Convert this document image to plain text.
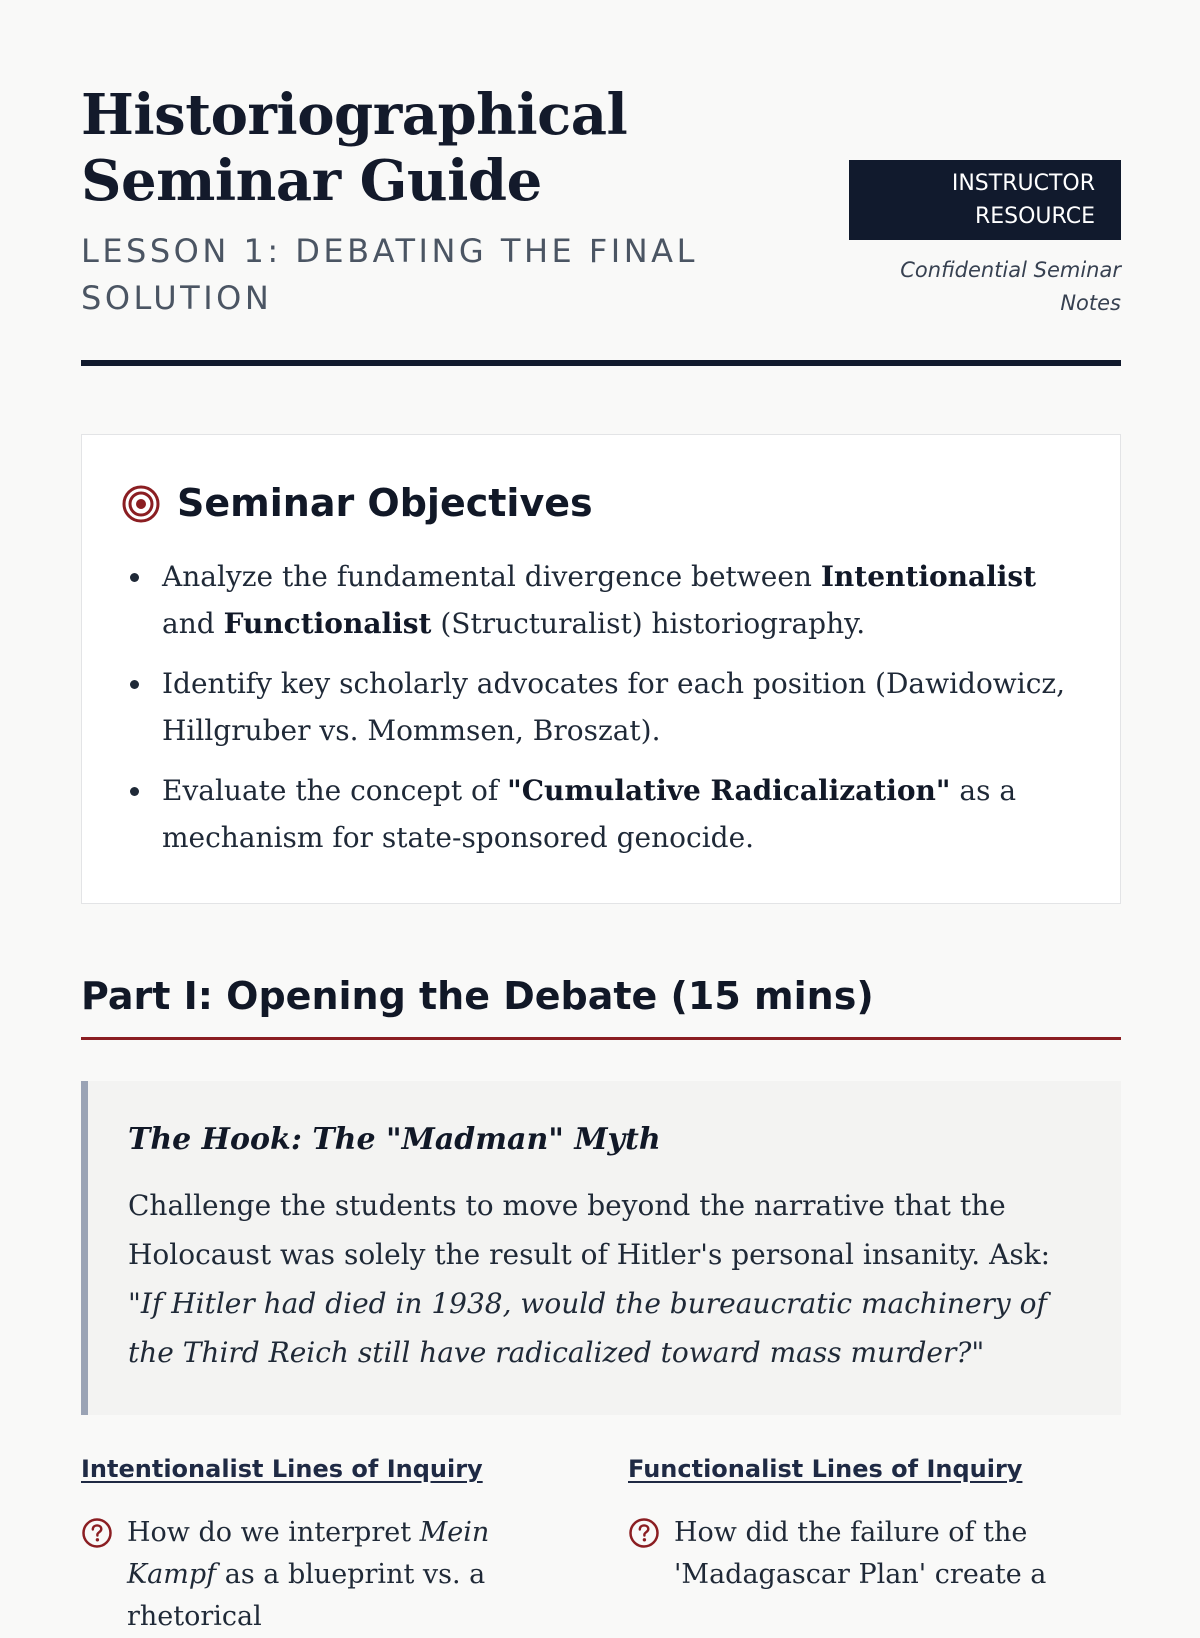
Historiographical Seminar Guide
LESSON 1: DEBATING THE FINAL SOLUTION
INSTRUCTOR RESOURCE
Confidential Seminar Notes
Seminar Objectives
Analyze the fundamental divergence between Intentionalist and Functionalist (Structuralist) historiography.
Identify key scholarly advocates for each position (Dawidowicz, Hillgruber vs. Mommsen, Broszat).
Evaluate the concept of "Cumulative Radicalization" as a mechanism for state-sponsored genocide.
Part I: Opening the Debate (15 mins)
The Hook: The "Madman" Myth

Challenge the students to move beyond the narrative that the Holocaust was solely the result of Hitler's personal insanity. Ask: "If Hitler had died in 1938, would the bureaucratic machinery of the Third Reich still have radicalized toward mass murder?"

Intentionalist Lines of Inquiry
How do we interpret Mein Kampf as a blueprint vs. a rhetorical
Functionalist Lines of Inquiry
How did the failure of the 'Madagascar Plan' create a
